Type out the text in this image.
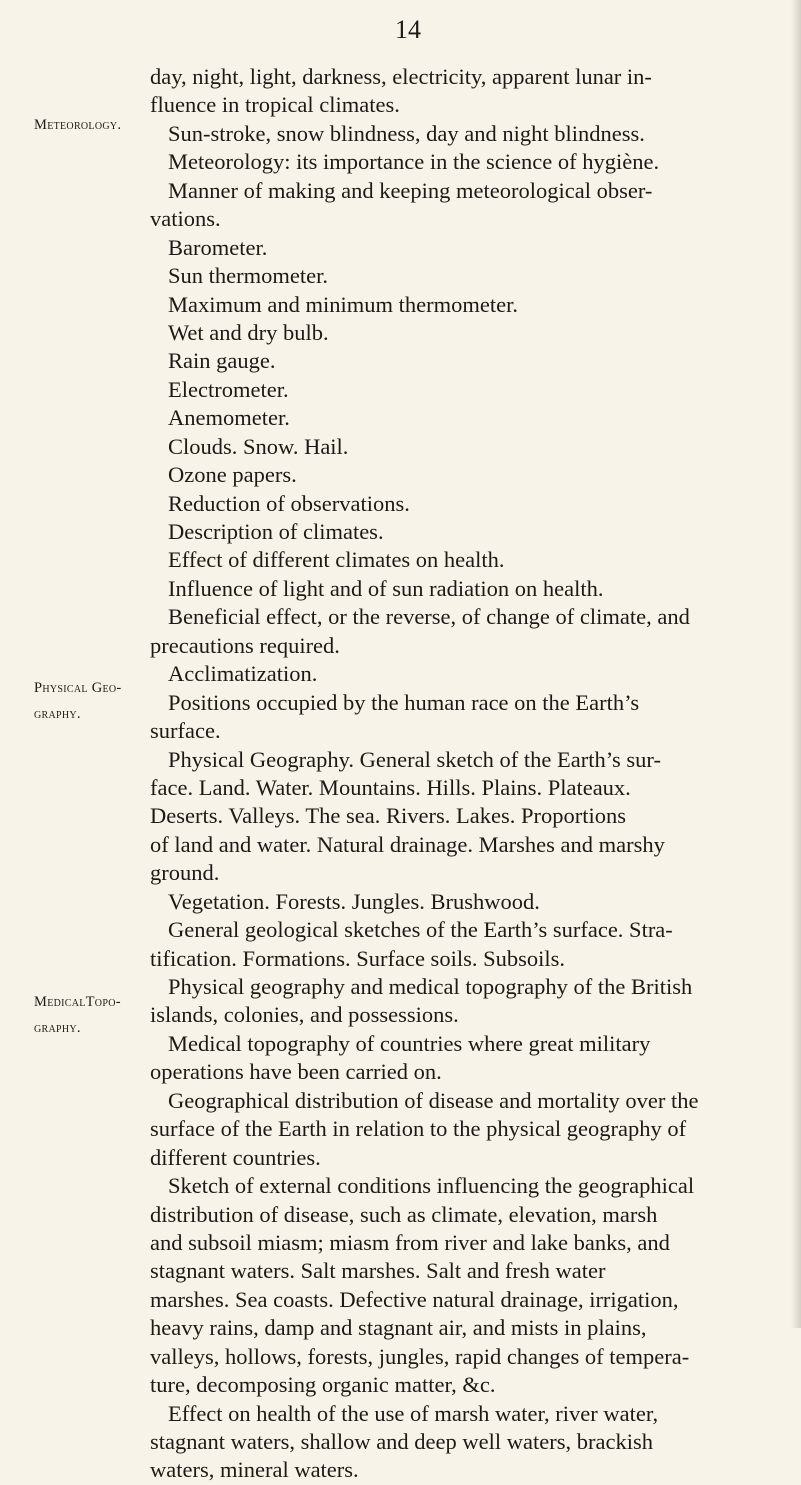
14
Meteorology.
Physical Geo-
graphy.
MedicalTopo-
graphy.
day, night, light, darkness, electricity, apparent lunar in-
fluence in tropical climates.
Sun-stroke, snow blindness, day and night blindness.
Meteorology: its importance in the science of hygiène.
Manner of making and keeping meteorological obser-
vations.
Barometer.
Sun thermometer.
Maximum and minimum thermometer.
Wet and dry bulb.
Rain gauge.
Electrometer.
Anemometer.
Clouds. Snow. Hail.
Ozone papers.
Reduction of observations.
Description of climates.
Effect of different climates on health.
Influence of light and of sun radiation on health.
Beneficial effect, or the reverse, of change of climate, and
precautions required.
Acclimatization.
Positions occupied by the human race on the Earth’s
surface.
Physical Geography. General sketch of the Earth’s sur-
face. Land. Water. Mountains. Hills. Plains. Plateaux.
Deserts. Valleys. The sea. Rivers. Lakes. Proportions
of land and water. Natural drainage. Marshes and marshy
ground.
Vegetation. Forests. Jungles. Brushwood.
General geological sketches of the Earth’s surface. Stra-
tification. Formations. Surface soils. Subsoils.
Physical geography and medical topography of the British
islands, colonies, and possessions.
Medical topography of countries where great military
operations have been carried on.
Geographical distribution of disease and mortality over the
surface of the Earth in relation to the physical geography of
different countries.
Sketch of external conditions influencing the geographical
distribution of disease, such as climate, elevation, marsh
and subsoil miasm; miasm from river and lake banks, and
stagnant waters. Salt marshes. Salt and fresh water
marshes. Sea coasts. Defective natural drainage, irrigation,
heavy rains, damp and stagnant air, and mists in plains,
valleys, hollows, forests, jungles, rapid changes of tempera-
ture, decomposing organic matter, &c.
Effect on health of the use of marsh water, river water,
stagnant waters, shallow and deep well waters, brackish
waters, mineral waters.
